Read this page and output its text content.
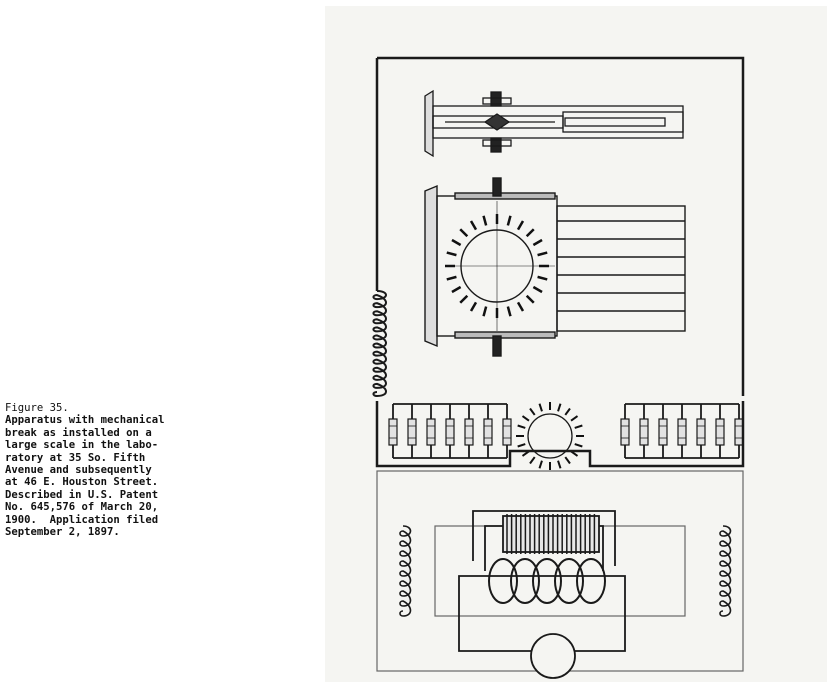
Figure 35.
Apparatus with mechanical
break as installed on a
large scale in the labo-
ratory at 35 So. Fifth
Avenue and subsequently
at 46 E. Houston Street.
Described in U.S. Patent
No. 645,576 of March 20,
1900.  Application filed
September 2, 1897.
